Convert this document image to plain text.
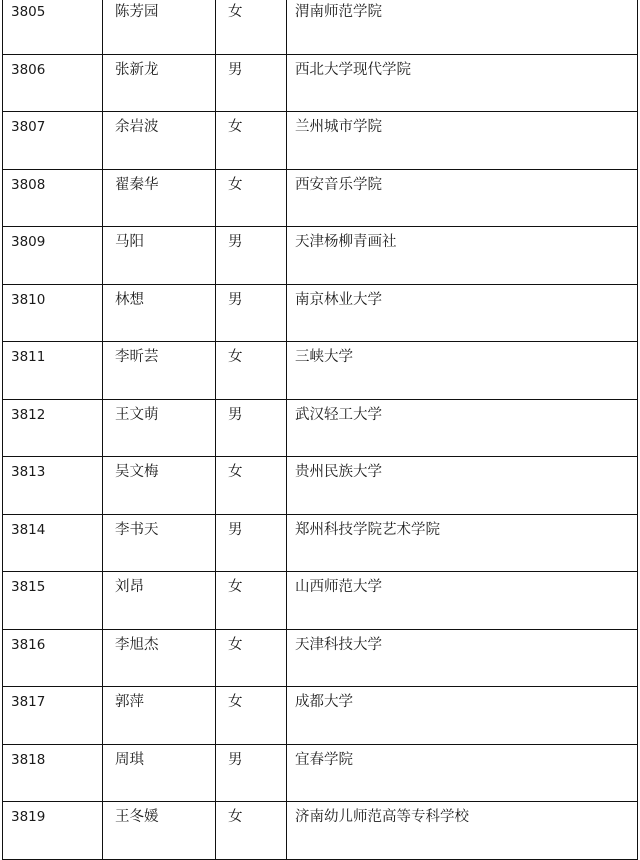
3805	陈芳园	女	渭南师范学院
3806	张新龙	男	西北大学现代学院
3807	余岩波	女	兰州城市学院
3808	翟秦华	女	西安音乐学院
3809	马阳	男	天津杨柳青画社
3810	林想	男	南京林业大学
3811	李昕芸	女	三峡大学
3812	王文萌	男	武汉轻工大学
3813	吴文梅	女	贵州民族大学
3814	李书天	男	郑州科技学院艺术学院
3815	刘昂	女	山西师范大学
3816	李旭杰	女	天津科技大学
3817	郭萍	女	成都大学
3818	周琪	男	宜春学院
3819	王冬媛	女	济南幼儿师范高等专科学校
